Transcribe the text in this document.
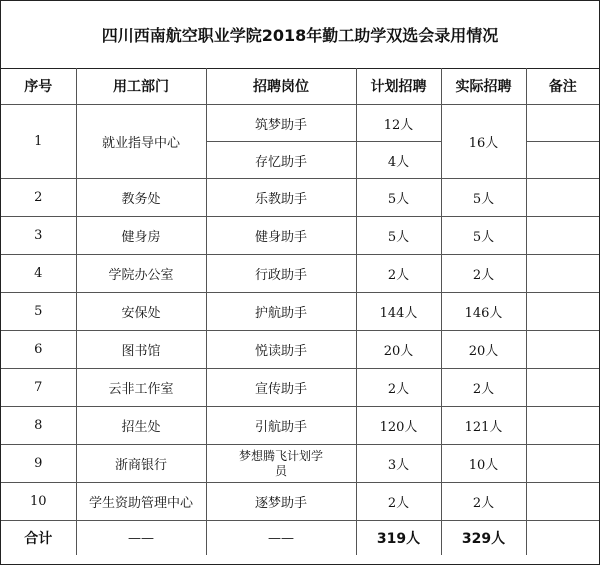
四川西南航空职业学院2018年勤工助学双选会录用情况
序号	用工部门	招聘岗位	计划招聘	实际招聘	备注
1	就业指导中心	筑梦助手	12人	16人	
		存忆助手	4人		
2	教务处	乐教助手	5人	5人	
3	健身房	健身助手	5人	5人	
4	学院办公室	行政助手	2人	2人	
5	安保处	护航助手	144人	146人	
6	图书馆	悦读助手	20人	20人	
7	云非工作室	宣传助手	2人	2人	
8	招生处	引航助手	120人	121人	
9	浙商银行	梦想腾飞计划学员	3人	10人	
10	学生资助管理中心	逐梦助手	2人	2人	
合计	——	——	319人	329人	
